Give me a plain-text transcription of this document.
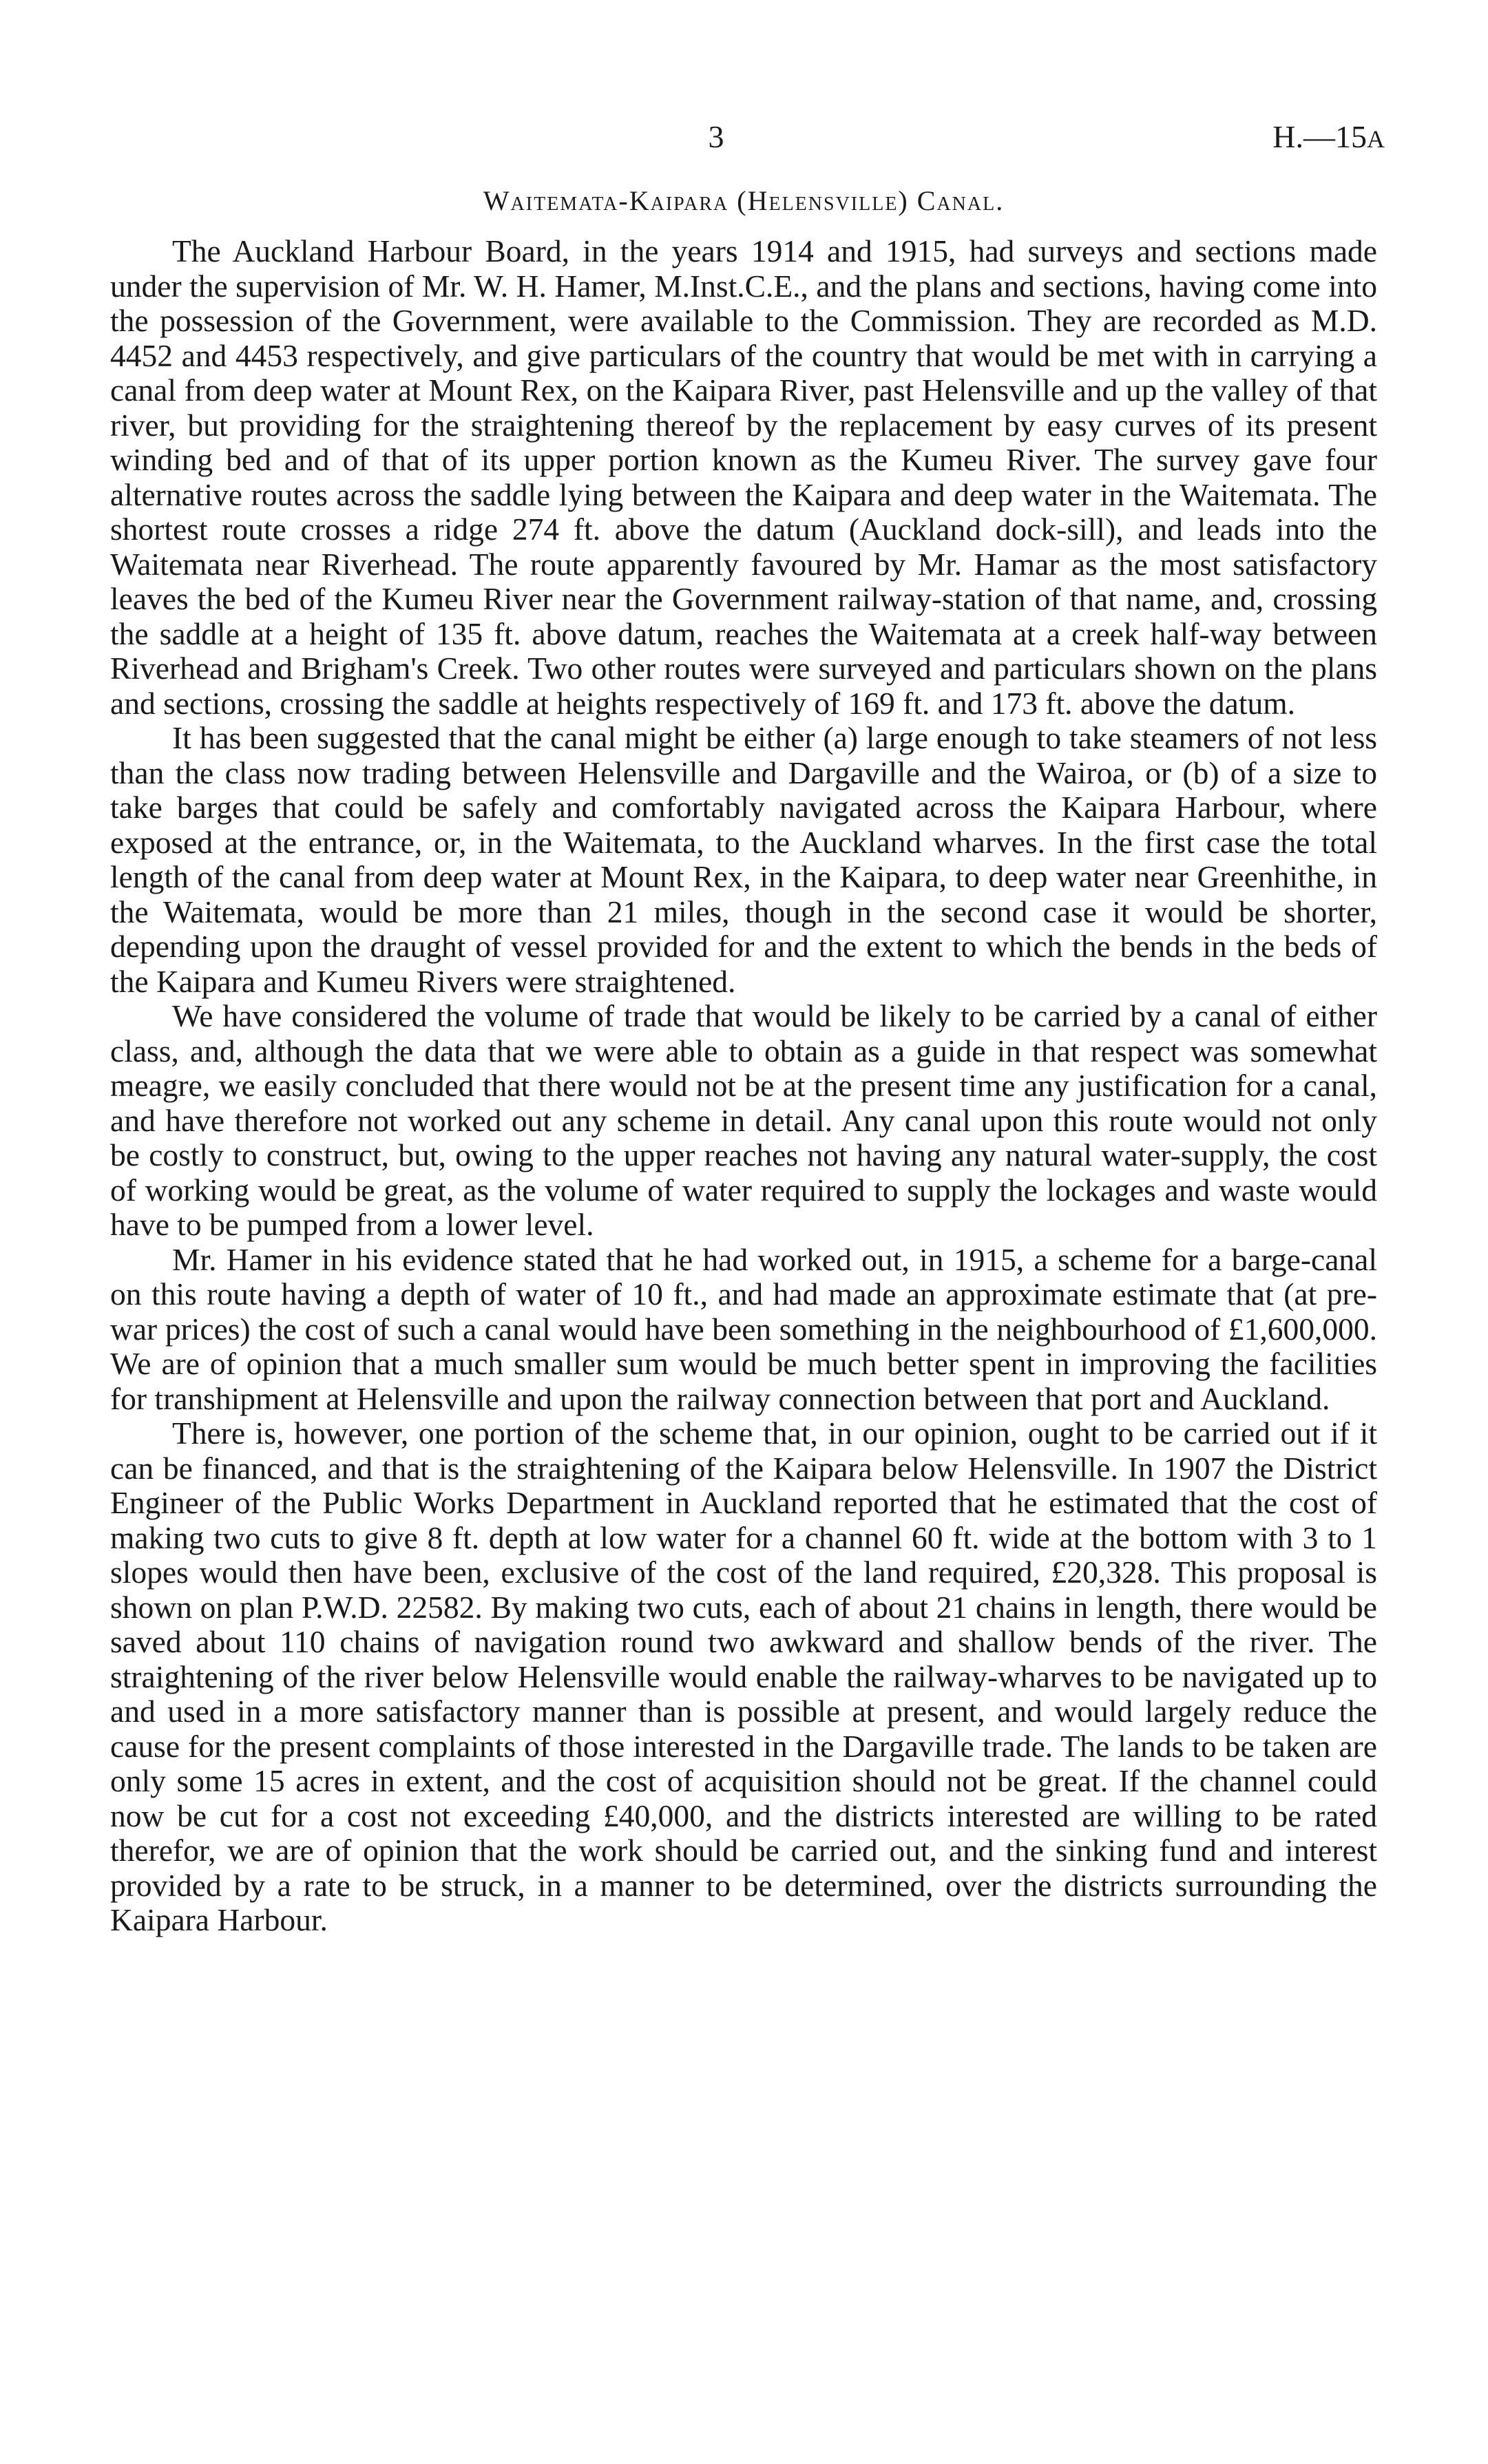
3	H.—15A
Waitemata-Kaipara (Helensville) Canal.

The Auckland Harbour Board, in the years 1914 and 1915, had surveys and sections made under the supervision of Mr. W. H. Hamer, M.Inst.C.E., and the plans and sections, having come into the possession of the Government, were available to the Commission. They are recorded as M.D. 4452 and 4453 respectively, and give particulars of the country that would be met with in carrying a canal from deep water at Mount Rex, on the Kaipara River, past Helensville and up the valley of that river, but providing for the straightening thereof by the replacement by easy curves of its present winding bed and of that of its upper portion known as the Kumeu River. The survey gave four alternative routes across the saddle lying between the Kaipara and deep water in the Waitemata. The shortest route crosses a ridge 274 ft. above the datum (Auckland dock-sill), and leads into the Waitemata near Riverhead. The route apparently favoured by Mr. Hamar as the most satisfactory leaves the bed of the Kumeu River near the Government railway-station of that name, and, crossing the saddle at a height of 135 ft. above datum, reaches the Waitemata at a creek half-way between Riverhead and Brigham's Creek. Two other routes were surveyed and particulars shown on the plans and sections, crossing the saddle at heights respectively of 169 ft. and 173 ft. above the datum.

It has been suggested that the canal might be either (a) large enough to take steamers of not less than the class now trading between Helensville and Dargaville and the Wairoa, or (b) of a size to take barges that could be safely and comfortably navigated across the Kaipara Harbour, where exposed at the entrance, or, in the Waitemata, to the Auckland wharves. In the first case the total length of the canal from deep water at Mount Rex, in the Kaipara, to deep water near Greenhithe, in the Waitemata, would be more than 21 miles, though in the second case it would be shorter, depending upon the draught of vessel provided for and the extent to which the bends in the beds of the Kaipara and Kumeu Rivers were straightened.

We have considered the volume of trade that would be likely to be carried by a canal of either class, and, although the data that we were able to obtain as a guide in that respect was somewhat meagre, we easily concluded that there would not be at the present time any justification for a canal, and have therefore not worked out any scheme in detail. Any canal upon this route would not only be costly to construct, but, owing to the upper reaches not having any natural water-supply, the cost of working would be great, as the volume of water required to supply the lockages and waste would have to be pumped from a lower level.

Mr. Hamer in his evidence stated that he had worked out, in 1915, a scheme for a barge-canal on this route having a depth of water of 10 ft., and had made an approximate estimate that (at pre-war prices) the cost of such a canal would have been something in the neighbourhood of £1,600,000. We are of opinion that a much smaller sum would be much better spent in improving the facilities for transhipment at Helensville and upon the railway connection between that port and Auckland.

There is, however, one portion of the scheme that, in our opinion, ought to be carried out if it can be financed, and that is the straightening of the Kaipara below Helensville. In 1907 the District Engineer of the Public Works Department in Auckland reported that he estimated that the cost of making two cuts to give 8 ft. depth at low water for a channel 60 ft. wide at the bottom with 3 to 1 slopes would then have been, exclusive of the cost of the land required, £20,328. This proposal is shown on plan P.W.D. 22582. By making two cuts, each of about 21 chains in length, there would be saved about 110 chains of navigation round two awkward and shallow bends of the river. The straightening of the river below Helensville would enable the railway-wharves to be navigated up to and used in a more satisfactory manner than is possible at present, and would largely reduce the cause for the present complaints of those interested in the Dargaville trade. The lands to be taken are only some 15 acres in extent, and the cost of acquisition should not be great. If the channel could now be cut for a cost not exceeding £40,000, and the districts interested are willing to be rated therefor, we are of opinion that the work should be carried out, and the sinking fund and interest provided by a rate to be struck, in a manner to be determined, over the districts surrounding the Kaipara Harbour.
